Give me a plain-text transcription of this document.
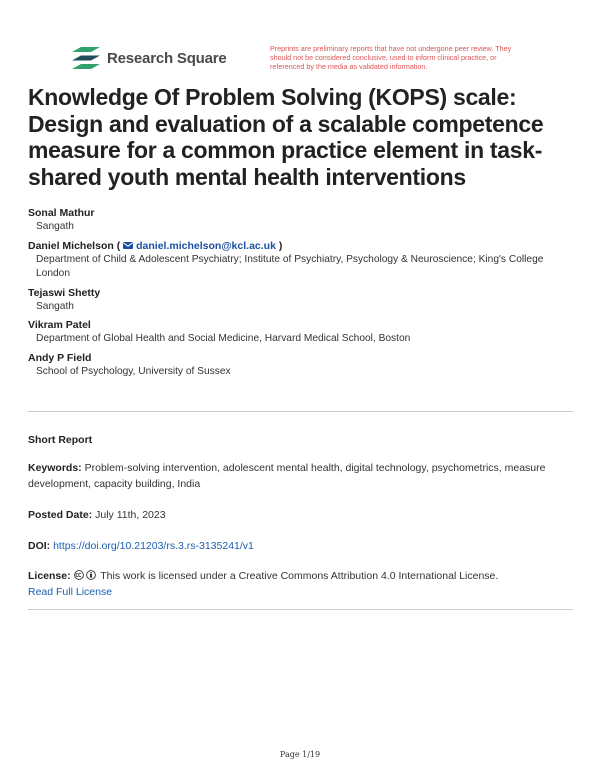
Research Square
Preprints are preliminary reports that have not undergone peer review. They should not be considered conclusive, used to inform clinical practice, or referenced by the media as validated information.
Knowledge Of Problem Solving (KOPS) scale: Design and evaluation of a scalable competence measure for a common practice element in task-shared youth mental health interventions
Sonal Mathur
Sangath
Daniel Michelson ( daniel.michelson@kcl.ac.uk )
Department of Child & Adolescent Psychiatry; Institute of Psychiatry, Psychology & Neuroscience; King's College London
Tejaswi Shetty
Sangath
Vikram Patel
Department of Global Health and Social Medicine, Harvard Medical School, Boston
Andy P Field
School of Psychology, University of Sussex
Short Report
Keywords: Problem-solving intervention, adolescent mental health, digital technology, psychometrics, measure development, capacity building, India
Posted Date: July 11th, 2023
DOI: https://doi.org/10.21203/rs.3.rs-3135241/v1
License:	This work is licensed under a Creative Commons Attribution 4.0 International License.
Read Full License
Page 1/19
